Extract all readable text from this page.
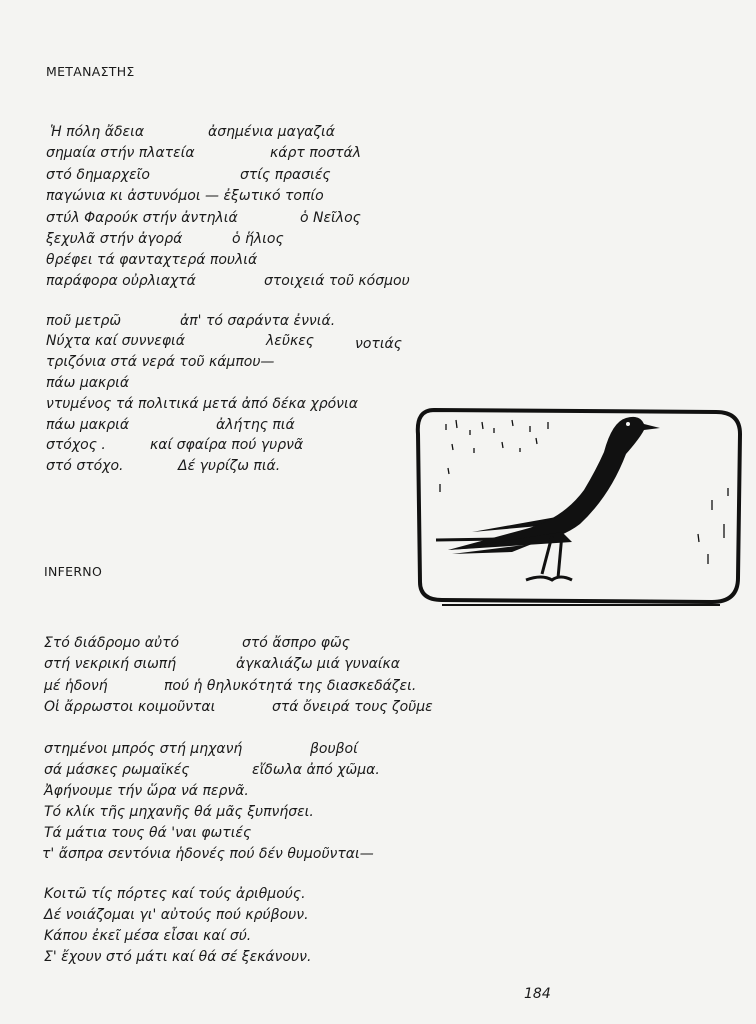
ΜΕΤΑΝΑΣΤΗΣ
Ἡ πόλη ἄδεια	ἀσημένια μαγαζιά
σημαία στήν πλατεία	κάρτ ποστάλ
στό δημαρχεῖο	στίς πρασιές
παγώνια κι ἀστυνόμοι — ἐξωτικό τοπίο
στύλ Φαρούκ στήν ἀντηλιά	ὁ Νεῖλος
ξεχυλᾶ στήν ἀγορά	ὁ ἥλιος
θρέφει τά φανταχτερά πουλιά
παράφορα οὐρλιαχτά	στοιχειά τοῦ κόσμου
ποῦ μετρῶ	ἀπ' τό σαράντα ἐννιά.
Νύχτα καί συννεφιά	λεῦκες	νοτιάς
τριζόνια στά νερά τοῦ κάμπου—
πάω μακριά
ντυμένος τά πολιτικά μετά ἀπό δέκα χρόνια
πάω μακριά	ἀλήτης πιά
στόχος .	καί σφαίρα πού γυρνᾶ
στό στόχο.	Δέ γυρίζω πιά.
INFERNO
Στό διάδρομο αὐτό	στό ἄσπρο φῶς
στή νεκρική σιωπή	ἀγκαλιάζω μιά γυναίκα
μέ ἡδονή	πού ἡ θηλυκότητά της διασκεδάζει.
Οἱ ἄρρωστοι κοιμοῦνται	στά ὄνειρά τους ζοῦμε
στημένοι μπρός στή μηχανή	βουβοί
σά μάσκες ρωμαϊκές	εἴδωλα ἀπό χῶμα.
Ἀφήνουμε τήν ὥρα νά περνᾶ.
Τό κλίκ τῆς μηχανῆς θά μᾶς ξυπνήσει.
Τά μάτια τους θά 'ναι φωτιές
τ' ἄσπρα σεντόνια ἡδονές πού δέν θυμοῦνται—
Κοιτῶ τίς πόρτες καί τούς ἀριθμούς.
Δέ νοιάζομαι γι' αὐτούς πού κρύβουν.
Κάπου ἐκεῖ μέσα εἶσαι καί σύ.
Σ' ἔχουν στό μάτι καί θά σέ ξεκάνουν.
184
